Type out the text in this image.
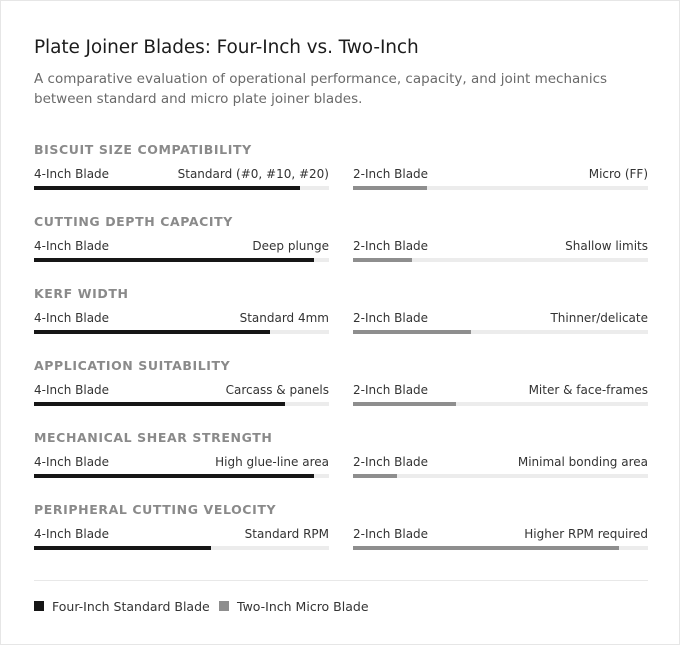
Plate Joiner Blades: Four-Inch vs. Two-Inch
A comparative evaluation of operational performance, capacity, and joint mechanics between standard and micro plate joiner blades.
BISCUIT SIZE COMPATIBILITY
4-Inch Blade	Standard (#0, #10, #20) 2-Inch Blade	Micro (FF)
CUTTING DEPTH CAPACITY
4-Inch Blade	Deep plunge 2-Inch Blade	Shallow limits
KERF WIDTH
4-Inch Blade	Standard 4mm 2-Inch Blade	Thinner/delicate
APPLICATION SUITABILITY
4-Inch Blade	Carcass & panels 2-Inch Blade	Miter & face-frames
MECHANICAL SHEAR STRENGTH
4-Inch Blade	High glue-line area 2-Inch Blade	Minimal bonding area
PERIPHERAL CUTTING VELOCITY
4-Inch Blade	Standard RPM 2-Inch Blade	Higher RPM required
Four-Inch Standard Blade Two-Inch Micro Blade
